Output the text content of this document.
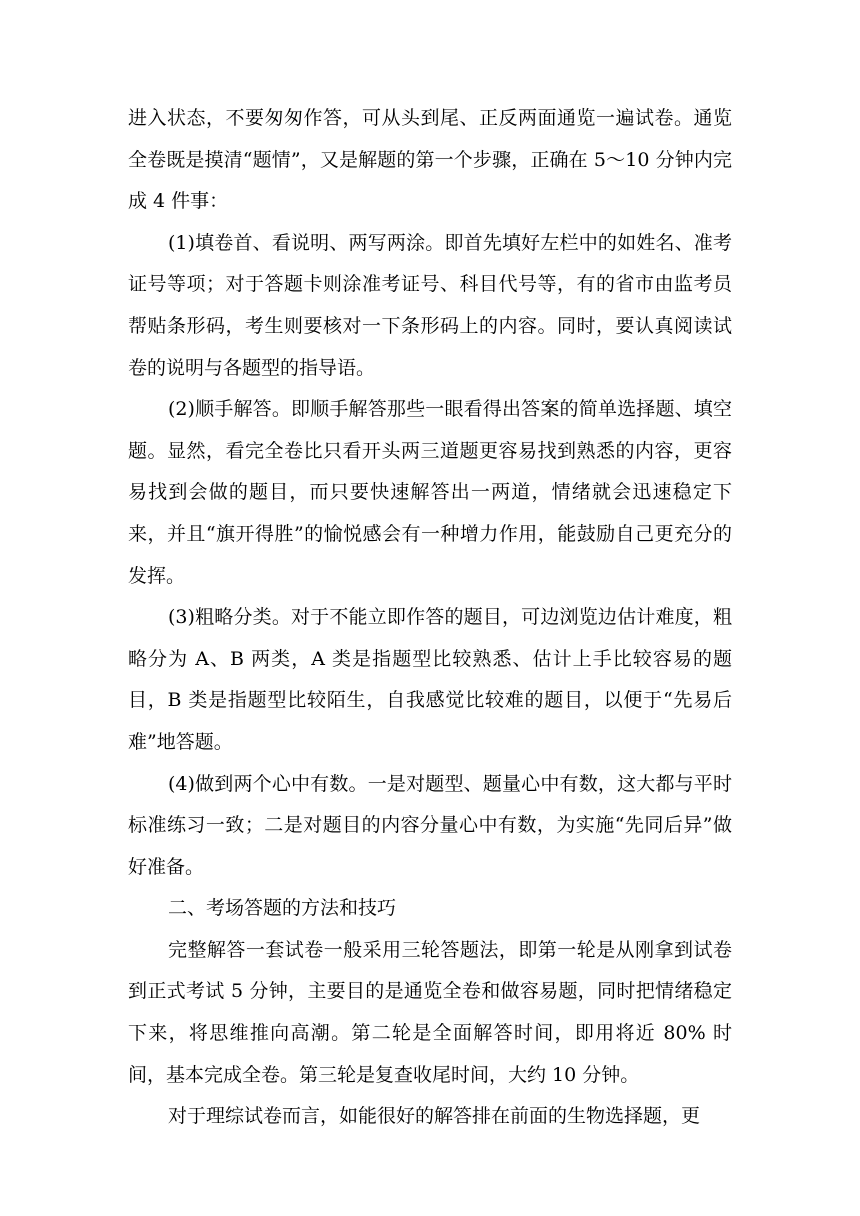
进入状态，不要匆匆作答，可从头到尾、正反两面通览一遍试卷。通览全卷既是摸清“题情”，又是解题的第一个步骤，正确在 5～10 分钟内完成 4 件事：

(1)填卷首、看说明、两写两涂。即首先填好左栏中的如姓名、准考证号等项；对于答题卡则涂准考证号、科目代号等，有的省市由监考员帮贴条形码，考生则要核对一下条形码上的内容。同时，要认真阅读试卷的说明与各题型的指导语。

(2)顺手解答。即顺手解答那些一眼看得出答案的简单选择题、填空题。显然，看完全卷比只看开头两三道题更容易找到熟悉的内容，更容易找到会做的题目，而只要快速解答出一两道，情绪就会迅速稳定下来，并且“旗开得胜”的愉悦感会有一种增力作用，能鼓励自己更充分的发挥。

(3)粗略分类。对于不能立即作答的题目，可边浏览边估计难度，粗略分为 A、B 两类，A 类是指题型比较熟悉、估计上手比较容易的题目，B 类是指题型比较陌生，自我感觉比较难的题目，以便于“先易后难”地答题。

(4)做到两个心中有数。一是对题型、题量心中有数，这大都与平时标准练习一致；二是对题目的内容分量心中有数，为实施“先同后异”做好准备。

二、考场答题的方法和技巧

完整解答一套试卷一般采用三轮答题法，即第一轮是从刚拿到试卷到正式考试 5 分钟，主要目的是通览全卷和做容易题，同时把情绪稳定下来，将思维推向高潮。第二轮是全面解答时间，即用将近 80% 时间，基本完成全卷。第三轮是复查收尾时间，大约 10 分钟。

对于理综试卷而言，如能很好的解答排在前面的生物选择题，更
